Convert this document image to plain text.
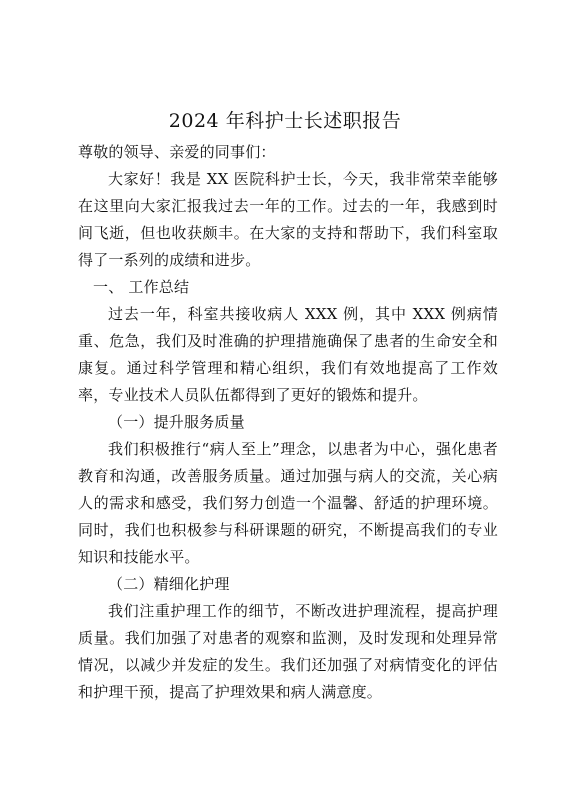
2024 年科护士长述职报告

尊敬的领导、亲爱的同事们：

大家好！我是 XX 医院科护士长，今天，我非常荣幸能够在这里向大家汇报我过去一年的工作。过去的一年，我感到时间飞逝，但也收获颇丰。在大家的支持和帮助下，我们科室取得了一系列的成绩和进步。

一、 工作总结

过去一年，科室共接收病人 XXX 例，其中 XXX 例病情重、危急，我们及时准确的护理措施确保了患者的生命安全和康复。通过科学管理和精心组织，我们有效地提高了工作效率，专业技术人员队伍都得到了更好的锻炼和提升。

（一）提升服务质量

我们积极推行“病人至上”理念，以患者为中心，强化患者教育和沟通，改善服务质量。通过加强与病人的交流，关心病人的需求和感受，我们努力创造一个温馨、舒适的护理环境。同时，我们也积极参与科研课题的研究，不断提高我们的专业知识和技能水平。

（二）精细化护理

我们注重护理工作的细节，不断改进护理流程，提高护理质量。我们加强了对患者的观察和监测，及时发现和处理异常情况，以减少并发症的发生。我们还加强了对病情变化的评估和护理干预，提高了护理效果和病人满意度。
